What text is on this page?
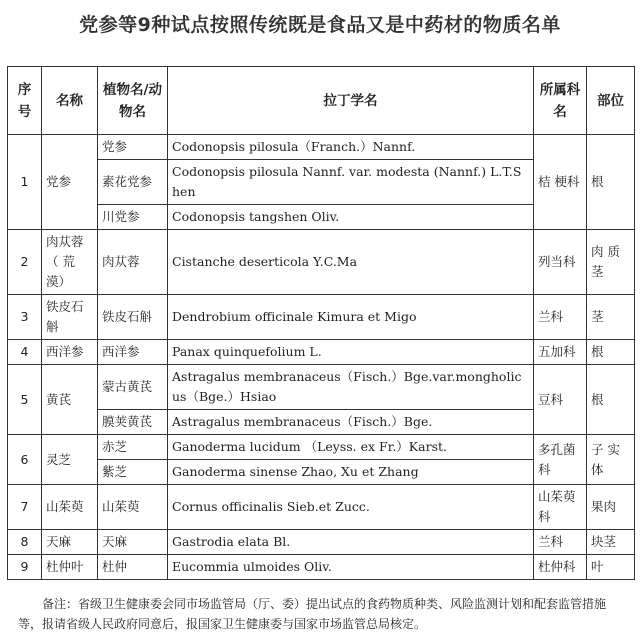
党参等9种试点按照传统既是食品又是中药材的物质名单
序号	名称	植物名/动物名	拉丁学名	所属科名	部位
1	党参	党参	Codonopsis pilosula（Franch.）Nannf.	桔 梗科	根
		素花党参	Codonopsis pilosula Nannf. var. modesta (Nannf.) L.T.Shen		
		川党参	Codonopsis tangshen Oliv.		
2	肉苁蓉（ 荒漠）	肉苁蓉	Cistanche deserticola Y.C.Ma	列当科	肉 质茎
3	铁皮石斛	铁皮石斛	Dendrobium officinale Kimura et Migo	兰科	茎
4	西洋参	西洋参	Panax quinquefolium L.	五加科	根
5	黄芪	蒙古黄芪	Astragalus membranaceus（Fisch.）Bge.var.mongholicus（Bge.）Hsiao	豆科	根
		膜荚黄芪	Astragalus membranaceus（Fisch.）Bge.		
6	灵芝	赤芝	Ganoderma lucidum （Leyss. ex Fr.）Karst.	多孔菌科	子 实体
		紫芝	Ganoderma sinense Zhao, Xu et Zhang		
7	山茱萸	山茱萸	Cornus officinalis Sieb.et Zucc.	山茱萸科	果肉
8	天麻	天麻	Gastrodia elata Bl.	兰科	块茎
9	杜仲叶	杜仲	Eucommia ulmoides Oliv.	杜仲科	叶
备注：省级卫生健康委会同市场监管局（厅、委）提出试点的食药物质种类、风险监测计划和配套监管措施等，报请省级人民政府同意后，报国家卫生健康委与国家市场监管总局核定。
